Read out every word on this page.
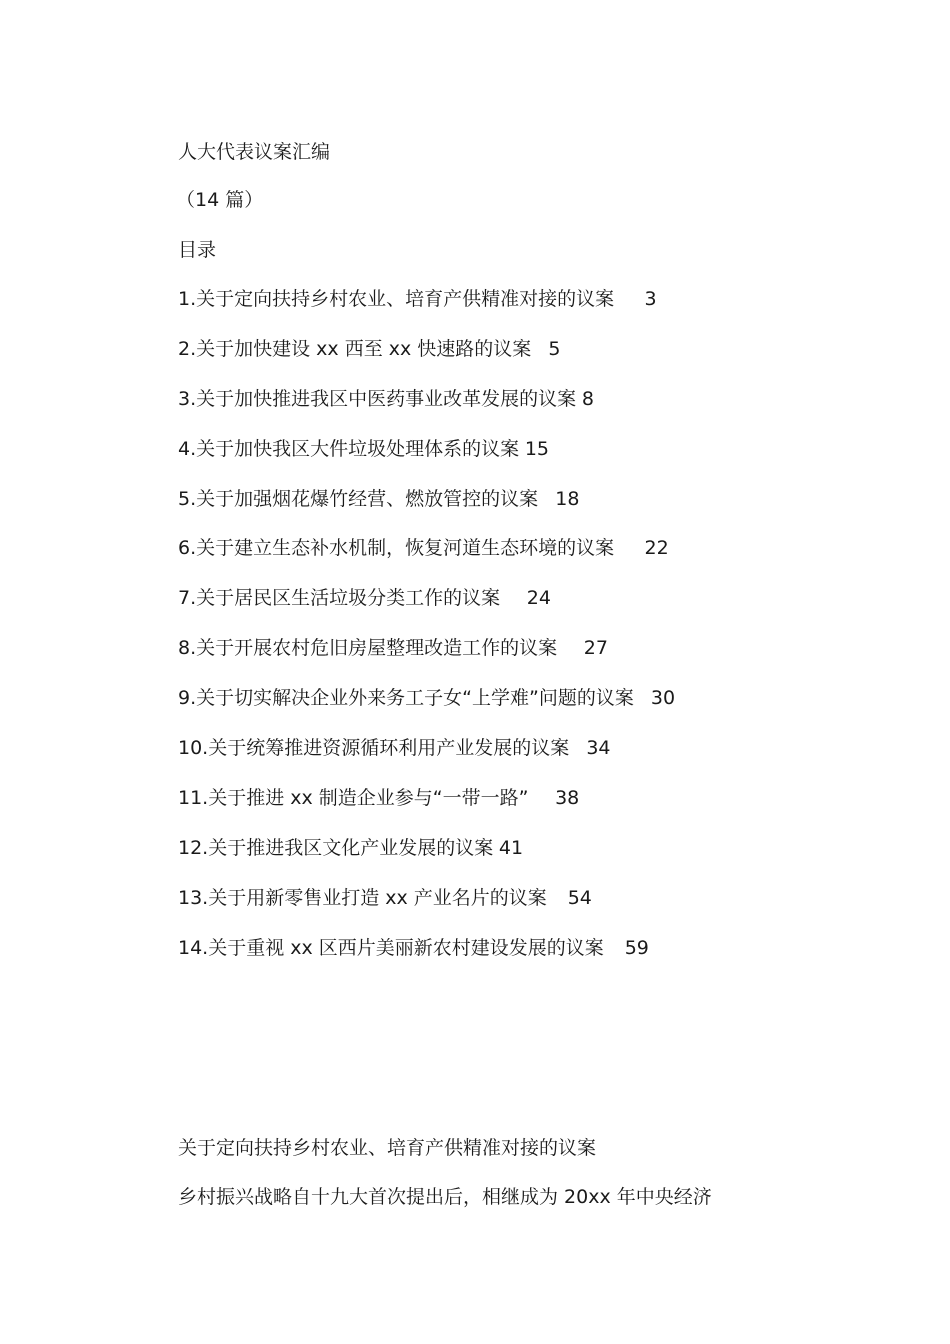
人大代表议案汇编
（14 篇）
目录
1.关于定向扶持乡村农业、培育产供精准对接的议案 3
2.关于加快建设 xx 西至 xx 快速路的议案 5
3.关于加快推进我区中医药事业改革发展的议案 8
4.关于加快我区大件垃圾处理体系的议案 15
5.关于加强烟花爆竹经营、燃放管控的议案 18
6.关于建立生态补水机制，恢复河道生态环境的议案 22
7.关于居民区生活垃圾分类工作的议案 24
8.关于开展农村危旧房屋整理改造工作的议案 27
9.关于切实解决企业外来务工子女“上学难”问题的议案 30
10.关于统筹推进资源循环利用产业发展的议案 34
11.关于推进 xx 制造企业参与“一带一路” 38
12.关于推进我区文化产业发展的议案 41
13.关于用新零售业打造 xx 产业名片的议案 54
14.关于重视 xx 区西片美丽新农村建设发展的议案 59
关于定向扶持乡村农业、培育产供精准对接的议案
乡村振兴战略自十九大首次提出后，相继成为 20xx 年中央经济
